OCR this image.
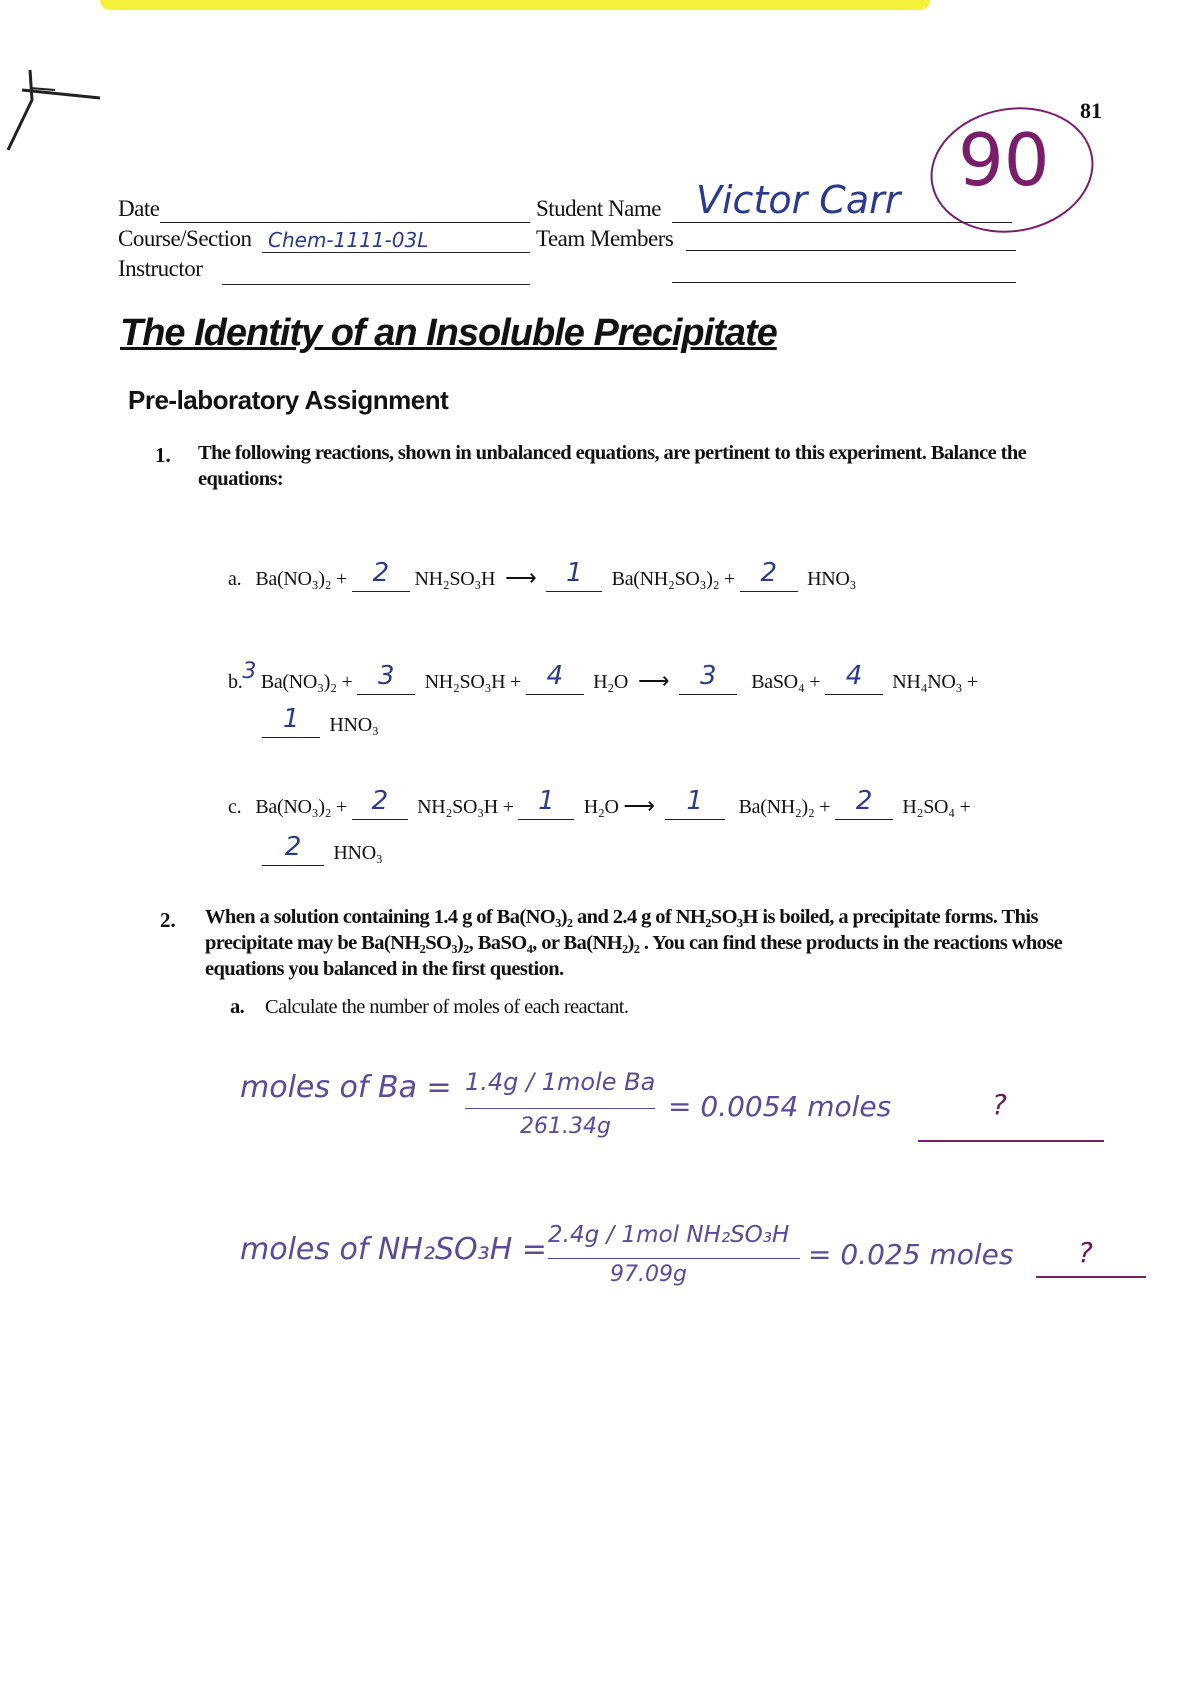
81
90
Date
Course/Section Chem-1111-03L
Instructor
Student Name Victor Carr
Team Members
The Identity of an Insoluble Precipitate
Pre-laboratory Assignment
1. The following reactions, shown in unbalanced equations, are pertinent to this experiment. Balance the equations:
a. Ba(NO₃)₂ + 2 NH₂SO₃H  ⟶  1 Ba(NH₂SO₃)₂ + 2 HNO₃
b.3 Ba(NO₃)₂ + 3 NH₂SO₃H + 4 H₂O  ⟶  3 BaSO₄ + 4 NH₄NO₃ +
1 HNO₃
c. Ba(NO₃)₂ + 2 NH₂SO₃H + 1 H₂O ⟶  1 Ba(NH₂)₂ + 2 H₂SO₄ +
2 HNO₃
2. When a solution containing 1.4 g of Ba(NO₃)₂ and 2.4 g of NH₂SO₃H is boiled, a precipitate forms. This precipitate may be Ba(NH₂SO₃)₂, BaSO₄, or Ba(NH₂)₂ . You can find these products in the reactions whose equations you balanced in the first question.
a. Calculate the number of moles of each reactant.
moles of Ba = 1.4g / 1mole Ba
261.34g
= 0.0054 moles	?
moles of NH₂SO₃H = 2.4g / 1mol NH₂SO₃H
97.09g
= 0.025 moles ?
